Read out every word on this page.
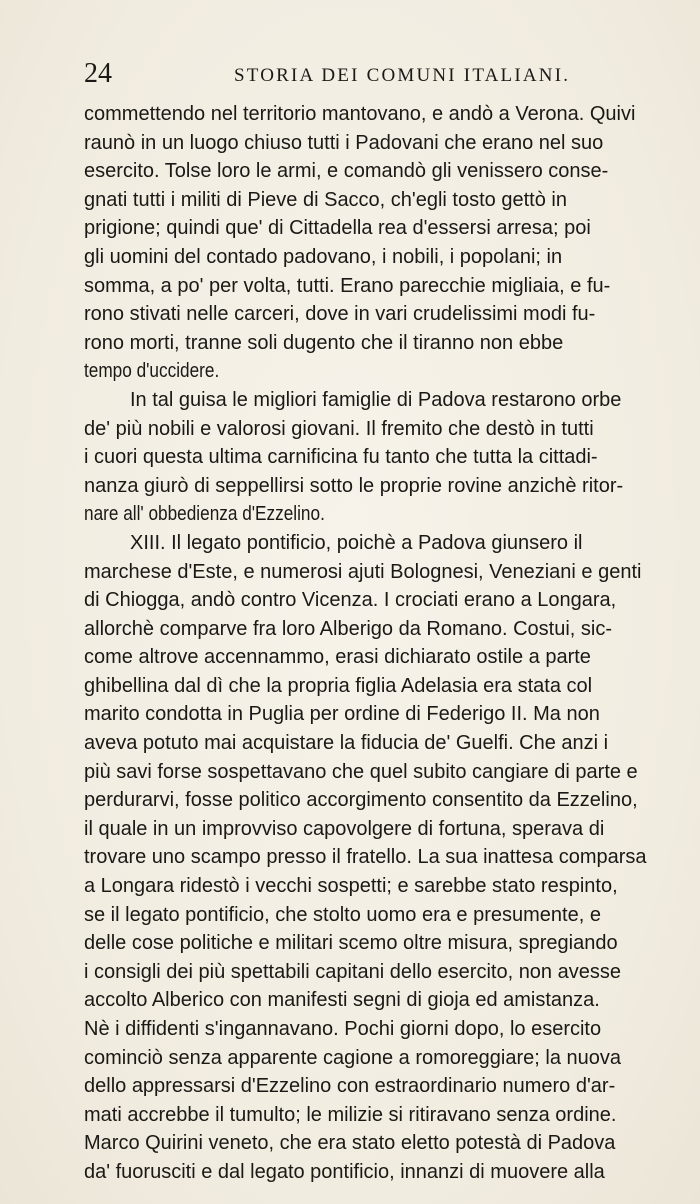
24	STORIA DEI COMUNI ITALIANI.
commettendo nel territorio mantovano, e andò a Verona. Quivi
raunò in un luogo chiuso tutti i Padovani che erano nel suo
esercito. Tolse loro le armi, e comandò gli venissero conse-
gnati tutti i militi di Pieve di Sacco, ch'egli tosto gettò in
prigione; quindi que' di Cittadella rea d'essersi arresa; poi
gli uomini del contado padovano, i nobili, i popolani; in
somma, a po' per volta, tutti. Erano parecchie migliaia, e fu-
rono stivati nelle carceri, dove in vari crudelissimi modi fu-
rono morti, tranne soli dugento che il tiranno non ebbe
tempo d'uccidere.
In tal guisa le migliori famiglie di Padova restarono orbe
de' più nobili e valorosi giovani. Il fremito che destò in tutti
i cuori questa ultima carnificina fu tanto che tutta la cittadi-
nanza giurò di seppellirsi sotto le proprie rovine anzichè ritor-
nare all' obbedienza d'Ezzelino.
XIII. Il legato pontificio, poichè a Padova giunsero il
marchese d'Este, e numerosi ajuti Bolognesi, Veneziani e genti
di Chiogga, andò contro Vicenza. I crociati erano a Longara,
allorchè comparve fra loro Alberigo da Romano. Costui, sic-
come altrove accennammo, erasi dichiarato ostile a parte
ghibellina dal dì che la propria figlia Adelasia era stata col
marito condotta in Puglia per ordine di Federigo II. Ma non
aveva potuto mai acquistare la fiducia de' Guelfi. Che anzi i
più savi forse sospettavano che quel subito cangiare di parte e
perdurarvi, fosse politico accorgimento consentito da Ezzelino,
il quale in un improvviso capovolgere di fortuna, sperava di
trovare uno scampo presso il fratello. La sua inattesa comparsa
a Longara ridestò i vecchi sospetti; e sarebbe stato respinto,
se il legato pontificio, che stolto uomo era e presumente, e
delle cose politiche e militari scemo oltre misura, spregiando
i consigli dei più spettabili capitani dello esercito, non avesse
accolto Alberico con manifesti segni di gioja ed amistanza.
Nè i diffidenti s'ingannavano. Pochi giorni dopo, lo esercito
cominciò senza apparente cagione a romoreggiare; la nuova
dello appressarsi d'Ezzelino con estraordinario numero d'ar-
mati accrebbe il tumulto; le milizie si ritiravano senza ordine.
Marco Quirini veneto, che era stato eletto potestà di Padova
da' fuorusciti e dal legato pontificio, innanzi di muovere alla
